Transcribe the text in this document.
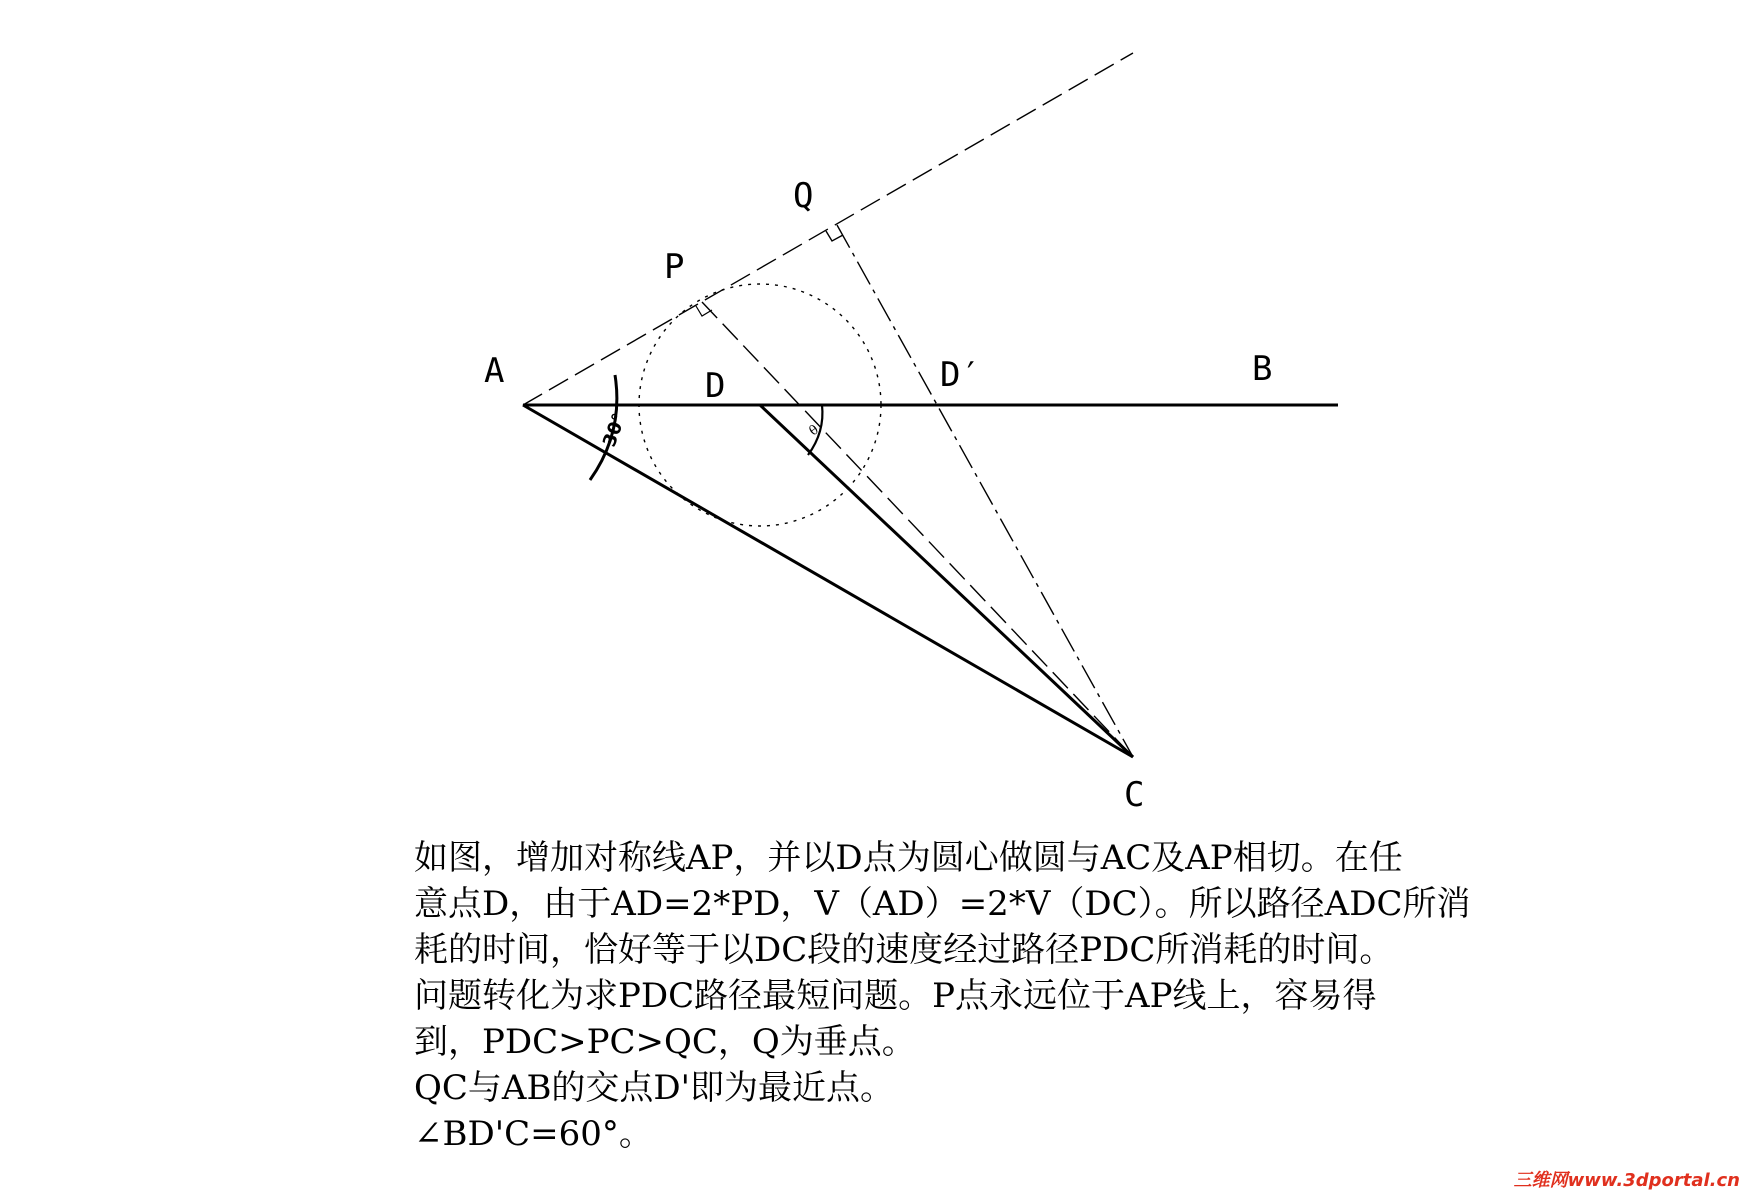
A	B
C
D	D′
P
Q
30°	θ
如图，增加对称线AP，并以D点为圆心做圆与AC及AP相切。在任
意点D，由于AD=2*PD，V（AD）=2*V（DC）。所以路径ADC所消
耗的时间，恰好等于以DC段的速度经过路径PDC所消耗的时间。
问题转化为求PDC路径最短问题。P点永远位于AP线上，容易得
到，PDC>PC>QC，Q为垂点。
QC与AB的交点D'即为最近点。
∠BD'C=60°。
三维网www.3dportal.cn
